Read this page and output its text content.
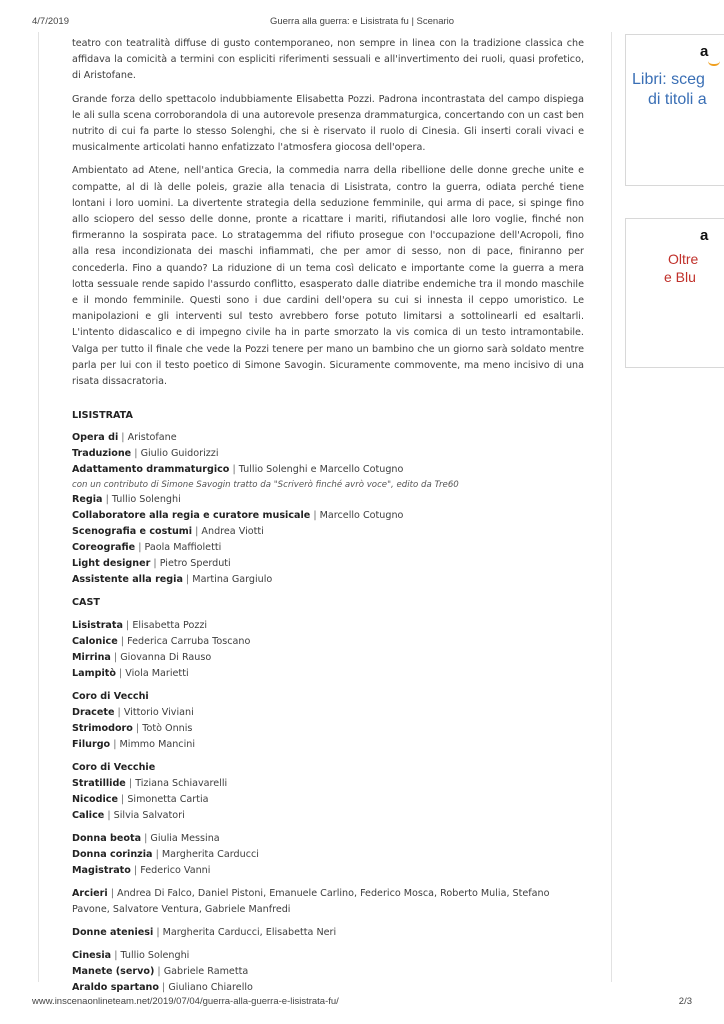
4/7/2019	Guerra alla guerra: e Lisistrata fu | Scenario

teatro con teatralità diffuse di gusto contemporaneo, non sempre in linea con la tradizione classica che affidava la comicità a termini con espliciti riferimenti sessuali e all'invertimento dei ruoli, quasi profetico, di Aristofane.

Grande forza dello spettacolo indubbiamente Elisabetta Pozzi. Padrona incontrastata del campo dispiega le ali sulla scena corroborandola di una autorevole presenza drammaturgica, concertando con un cast ben nutrito di cui fa parte lo stesso Solenghi, che si è riservato il ruolo di Cinesia. Gli inserti corali vivaci e musicalmente articolati hanno enfatizzato l'atmosfera giocosa dell'opera.

Ambientato ad Atene, nell'antica Grecia, la commedia narra della ribellione delle donne greche unite e compatte, al di là delle poleis, grazie alla tenacia di Lisistrata, contro la guerra, odiata perché tiene lontani i loro uomini. La divertente strategia della seduzione femminile, qui arma di pace, si spinge fino allo sciopero del sesso delle donne, pronte a ricattare i mariti, rifiutandosi alle loro voglie, finché non firmeranno la sospirata pace. Lo stratagemma del rifiuto prosegue con l'occupazione dell'Acropoli, fino alla resa incondizionata dei maschi infiammati, che per amor di sesso, non di pace, finiranno per concederla. Fino a quando? La riduzione di un tema così delicato e importante come la guerra a mera lotta sessuale rende sapido l'assurdo conflitto, esasperato dalle diatribe endemiche tra il mondo maschile e il mondo femminile. Questi sono i due cardini dell'opera su cui si innesta il ceppo umoristico. Le manipolazioni e gli interventi sul testo avrebbero forse potuto limitarsi a sottolinearli ed esaltarli. L'intento didascalico e di impegno civile ha in parte smorzato la vis comica di un testo intramontabile. Valga per tutto il finale che vede la Pozzi tenere per mano un bambino che un giorno sarà soldato mentre parla per lui con il testo poetico di Simone Savogin. Sicuramente commovente, ma meno incisivo di una risata dissacratoria.

LISISTRATA
Opera di | Aristofane
Traduzione | Giulio Guidorizzi
Adattamento drammaturgico | Tullio Solenghi e Marcello Cotugno
con un contributo di Simone Savogin tratto da "Scriverò finché avrò voce", edito da Tre60
Regia | Tullio Solenghi
Collaboratore alla regia e curatore musicale | Marcello Cotugno
Scenografia e costumi | Andrea Viotti
Coreografie | Paola Maffioletti
Light designer | Pietro Sperduti
Assistente alla regia | Martina Gargiulo
CAST
Lisistrata | Elisabetta Pozzi
Calonice | Federica Carruba Toscano
Mirrina | Giovanna Di Rauso
Lampitò | Viola Marietti
Coro di Vecchi
Dracete | Vittorio Viviani
Strimodoro | Totò Onnis
Filurgo | Mimmo Mancini
Coro di Vecchie
Stratillide | Tiziana Schiavarelli
Nicodice | Simonetta Cartia
Calice | Silvia Salvatori
Donna beota | Giulia Messina
Donna corinzia | Margherita Carducci
Magistrato | Federico Vanni
Arcieri | Andrea Di Falco, Daniel Pistoni, Emanuele Carlino, Federico Mosca, Roberto Mulia, Stefano Pavone, Salvatore Ventura, Gabriele Manfredi
Donne ateniesi | Margherita Carducci, Elisabetta Neri
Cinesia | Tullio Solenghi
Manete (servo) | Gabriele Rametta
Araldo spartano | Giuliano Chiarello
a
Libri: sceg
di titoli a
a
Oltre
e Blu
www.inscenaonlineteam.net/2019/07/04/guerra-alla-guerra-e-lisistrata-fu/	2/3
